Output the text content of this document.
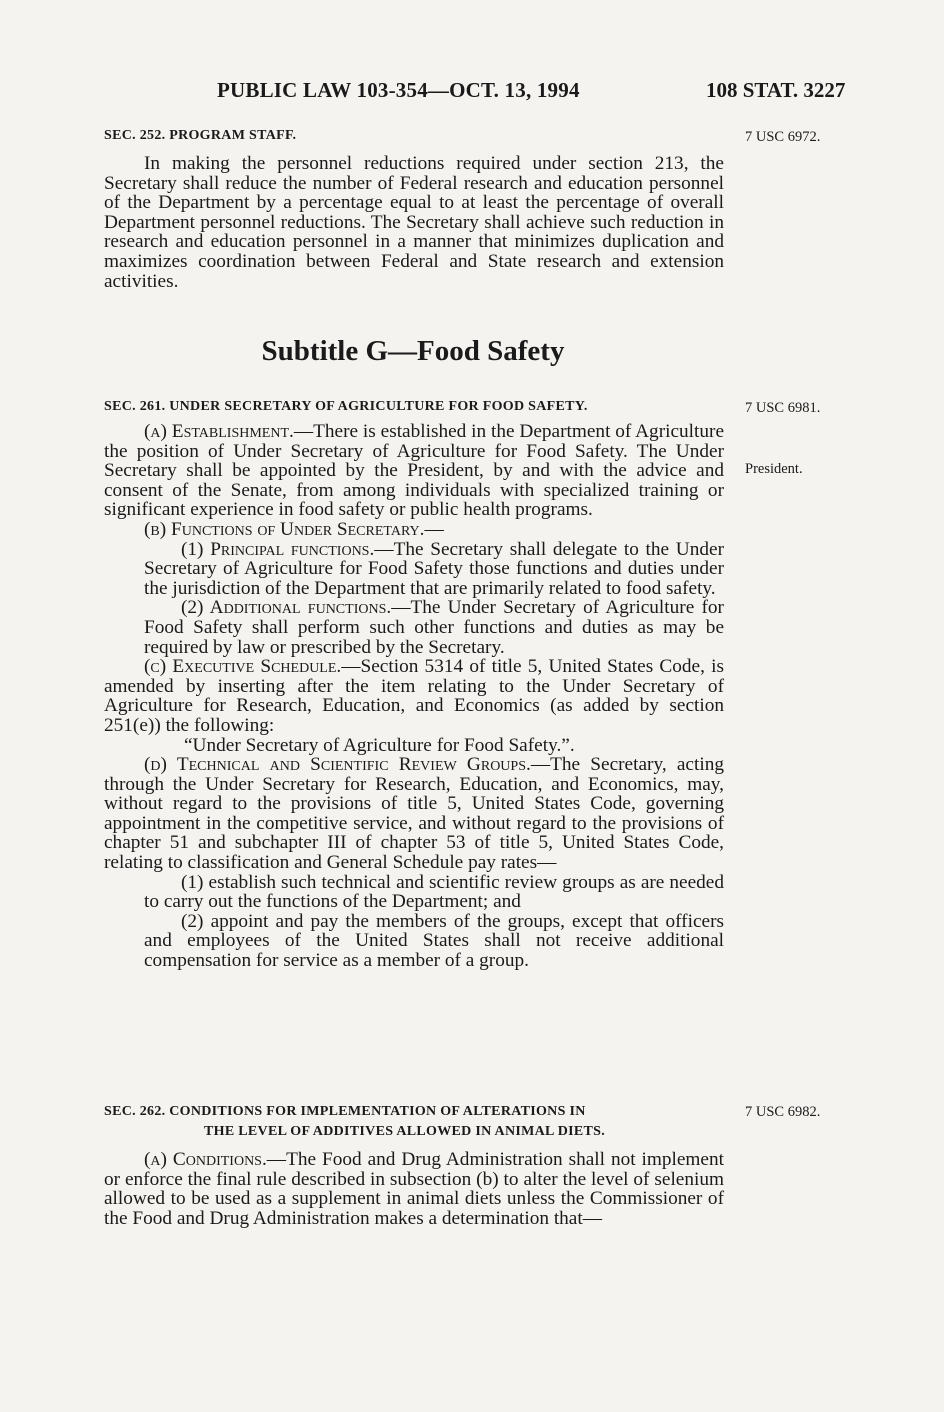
PUBLIC LAW 103-354—OCT. 13, 1994	108 STAT. 3227
SEC. 252. PROGRAM STAFF.	7 USC 6972.

In making the personnel reductions required under section 213, the Secretary shall reduce the number of Federal research and education personnel of the Department by a percentage equal to at least the percentage of overall Department personnel reductions. The Secretary shall achieve such reduction in research and education personnel in a manner that minimizes duplication and maximizes coordination between Federal and State research and extension activities.

Subtitle G—Food Safety
SEC. 261. UNDER SECRETARY OF AGRICULTURE FOR FOOD SAFETY.	7 USC 6981.
President.

(a) Establishment.—There is established in the Department of Agriculture the position of Under Secretary of Agriculture for Food Safety. The Under Secretary shall be appointed by the President, by and with the advice and consent of the Senate, from among individuals with specialized training or significant experience in food safety or public health programs.

(b) Functions of Under Secretary.—

(1) Principal functions.—The Secretary shall delegate to the Under Secretary of Agriculture for Food Safety those functions and duties under the jurisdiction of the Department that are primarily related to food safety.

(2) Additional functions.—The Under Secretary of Agriculture for Food Safety shall perform such other functions and duties as may be required by law or prescribed by the Secretary.

(c) Executive Schedule.—Section 5314 of title 5, United States Code, is amended by inserting after the item relating to the Under Secretary of Agriculture for Research, Education, and Economics (as added by section 251(e)) the following:

“Under Secretary of Agriculture for Food Safety.”.

(d) Technical and Scientific Review Groups.—The Secretary, acting through the Under Secretary for Research, Education, and Economics, may, without regard to the provisions of title 5, United States Code, governing appointment in the competitive service, and without regard to the provisions of chapter 51 and subchapter III of chapter 53 of title 5, United States Code, relating to classification and General Schedule pay rates—

(1) establish such technical and scientific review groups as are needed to carry out the functions of the Department; and

(2) appoint and pay the members of the groups, except that officers and employees of the United States shall not receive additional compensation for service as a member of a group.

SEC. 262. CONDITIONS FOR IMPLEMENTATION OF ALTERATIONS IN
THE LEVEL OF ADDITIVES ALLOWED IN ANIMAL DIETS.
7 USC 6982.

(a) Conditions.—The Food and Drug Administration shall not implement or enforce the final rule described in subsection (b) to alter the level of selenium allowed to be used as a supplement in animal diets unless the Commissioner of the Food and Drug Administration makes a determination that—
